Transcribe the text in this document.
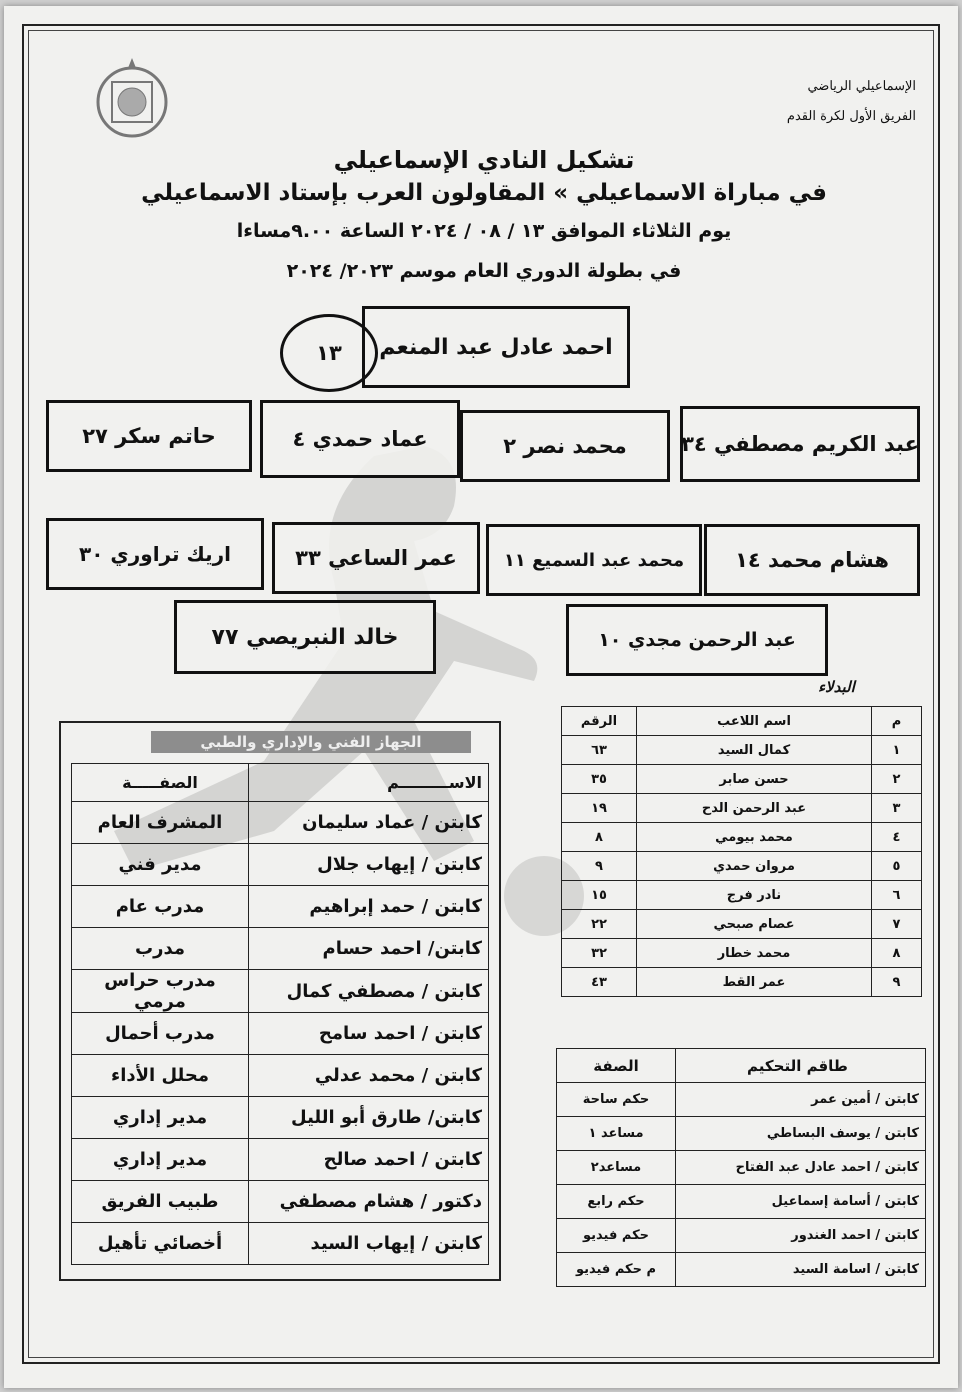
الإسماعيلي الرياضي
الفريق الأول لكرة القدم
تشكيل النادي الإسماعيلي
في مباراة الاسماعيلي » المقاولون العرب بإستاد الاسماعيلي
يوم الثلاثاء الموافق ١٣ / ٠٨ / ٢٠٢٤ الساعة ٩.٠٠مساءا
في بطولة الدوري العام موسم ٢٠٢٣/ ٢٠٢٤
احمد عادل عبد المنعم
١٣
عبد الكريم مصطفي ٣٤
محمد نصر ٢
عماد حمدي ٤
حاتم سكر ٢٧
هشام محمد ١٤
محمد عبد السميع ١١
عمر الساعي ٣٣
اريك تراوري ٣٠
عبد الرحمن مجدي ١٠
خالد النبريصي ٧٧
البدلاء
م	اسم اللاعب	الرقم
١	كمال السيد	٦٣
٢	حسن صابر	٣٥
٣	عبد الرحمن الدح	١٩
٤	محمد بيومي	٨
٥	مروان حمدي	٩
٦	نادر فرج	١٥
٧	عصام صبحي	٢٢
٨	محمد خطار	٣٢
٩	عمر القط	٤٣
الجهاز الفني والإداري والطبي
الاســـــــــم	الصفـــــة
كابتن / عماد سليمان	المشرف العام
كابتن / إيهاب جلال	مدير فني
كابتن / حمد إبراهيم	مدرب عام
كابتن/ احمد حسام	مدرب
كابتن / مصطفي كمال	مدرب حراس مرمي
كابتن / احمد سامح	مدرب أحمال
كابتن / محمد عدلي	محلل الأداء
كابتن/ طارق أبو الليل	مدير إداري
كابتن / احمد صالح	مدير إداري
دكتور / هشام مصطفي	طبيب الفريق
كابتن / إيهاب السيد	أخصائي تأهيل
طاقم التحكيم	الصفة
كابتن / أمين عمر	حكم ساحة
كابتن / يوسف البساطي	مساعد ١
كابتن / احمد عادل عبد الفتاح	مساعد٢
كابتن / أسامة إسماعيل	حكم رابع
كابتن / احمد الغندور	حكم فيديو
كابتن / اسامة السيد	م حكم فيديو
